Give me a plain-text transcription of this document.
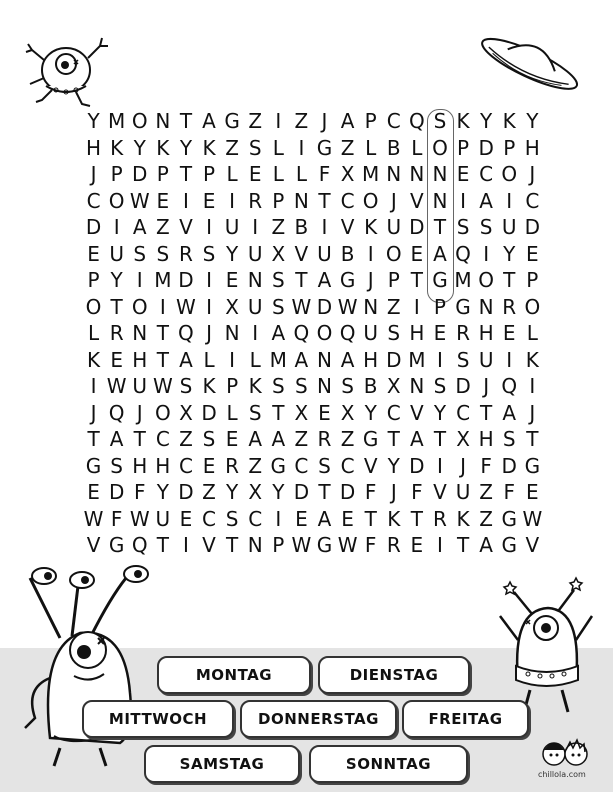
Y M O N T A G Z I Z J A P C Q S K Y K Y
H K Y K Y K Z S L I G Z L B L O P D P H
J P D P T P L E L L F X M N N N E C O J
C O W E I E I R P N T C O J V N I A I C
D I A Z V I U I Z B I V K U D T S S U D
E U S S R S Y U X V U B I O E A Q I Y E
P Y I M D I E N S T A G J P T G M O T P
O T O I W I X U S W D W N Z I P G N R O
L R N T Q J N I A Q O Q U S H E R H E L
K E H T A L I L M A N A H D M I S U I K
I W U W S K P K S S N S B X N S D J Q I
J Q J O X D L S T X E X Y C V Y C T A J
T A T C Z S E A A Z R Z G T A T X H S T
G S H H C E R Z G C S C V Y D I J F D G
E D F Y D Z Y X Y D T D F J F V U Z F E
W F W U E C S C I E A E T K T R K Z G W
V G Q T I V T N P W G W F R E I T A G V
MONTAG	DIENSTAG
MITTWOCH	DONNERSTAG	FREITAG
SAMSTAG	SONNTAG
chillola.com
